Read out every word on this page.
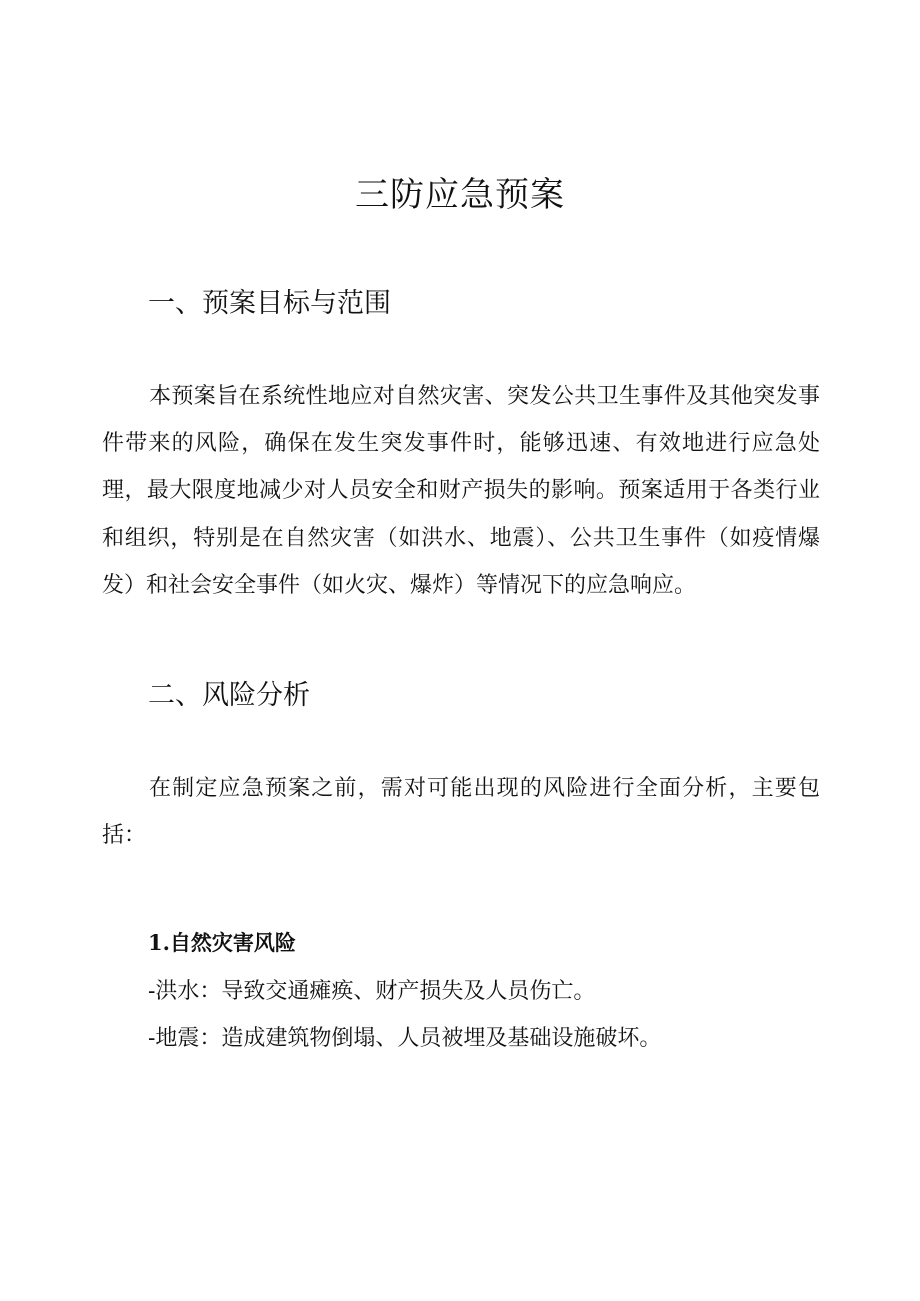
三防应急预案
一、预案目标与范围

本预案旨在系统性地应对自然灾害、突发公共卫生事件及其他突发事件带来的风险，确保在发生突发事件时，能够迅速、有效地进行应急处理，最大限度地减少对人员安全和财产损失的影响。预案适用于各类行业和组织，特别是在自然灾害（如洪水、地震）、公共卫生事件（如疫情爆发）和社会安全事件（如火灾、爆炸）等情况下的应急响应。

二、风险分析

在制定应急预案之前，需对可能出现的风险进行全面分析，主要包括：

1.自然灾害风险
-洪水：导致交通瘫痪、财产损失及人员伤亡。
-地震：造成建筑物倒塌、人员被埋及基础设施破坏。
